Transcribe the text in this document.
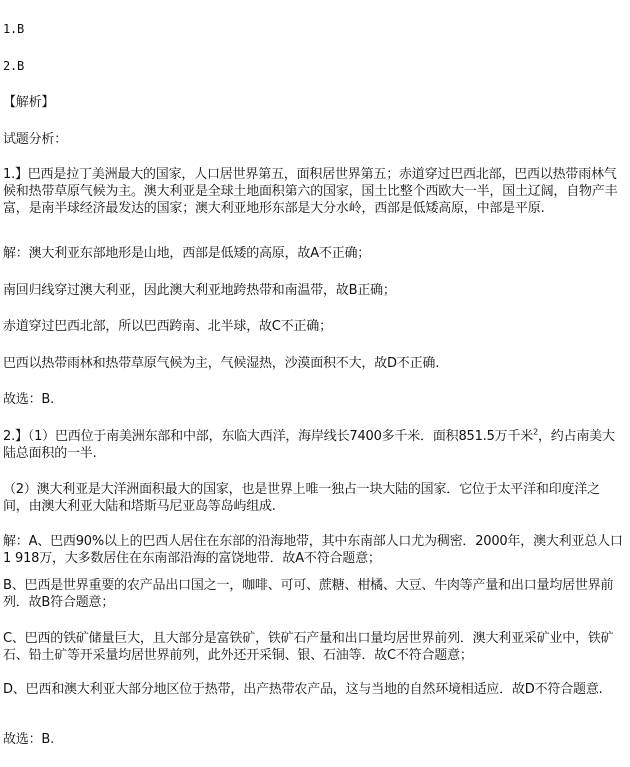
1.B
2.B
【解析】
试题分析：
1.】巴西是拉丁美洲最大的国家，人口居世界第五，面积居世界第五；赤道穿过巴西北部，巴西以热带雨林气候和热带草原气候为主。澳大利亚是全球土地面积第六的国家，国土比整个西欧大一半，国土辽阔，自物产丰富，是南半球经济最发达的国家；澳大利亚地形东部是大分水岭，西部是低矮高原，中部是平原.
解：澳大利亚东部地形是山地，西部是低矮的高原，故A不正确；
南回归线穿过澳大利亚，因此澳大利亚地跨热带和南温带，故B正确；
赤道穿过巴西北部，所以巴西跨南、北半球，故C不正确；
巴西以热带雨林和热带草原气候为主，气候湿热，沙漠面积不大，故D不正确.
故选：B.
2.】（1）巴西位于南美洲东部和中部，东临大西洋，海岸线长7400多千米．面积851.5万千米$^2$，约占南美大陆总面积的一半.
（2）澳大利亚是大洋洲面积最大的国家，也是世界上唯一独占一块大陆的国家．它位于太平洋和印度洋之间，由澳大利亚大陆和塔斯马尼亚岛等岛屿组成.
解：A、巴西90%以上的巴西人居住在东部的沿海地带，其中东南部人口尤为稠密．2000年，澳大利亚总人口1 918万，大多数居住在东南部沿海的富饶地带．故A不符合题意；
B、巴西是世界重要的农产品出口国之一，咖啡、可可、蔗糖、柑橘、大豆、牛肉等产量和出口量均居世界前列．故B符合题意；
C、巴西的铁矿储量巨大，且大部分是富铁矿，铁矿石产量和出口量均居世界前列．澳大利亚采矿业中，铁矿石、铅土矿等开采量均居世界前列，此外还开采铜、银、石油等．故C不符合题意；
D、巴西和澳大利亚大部分地区位于热带，出产热带农产品，这与当地的自然环境相适应．故D不符合题意.
故选：B.
